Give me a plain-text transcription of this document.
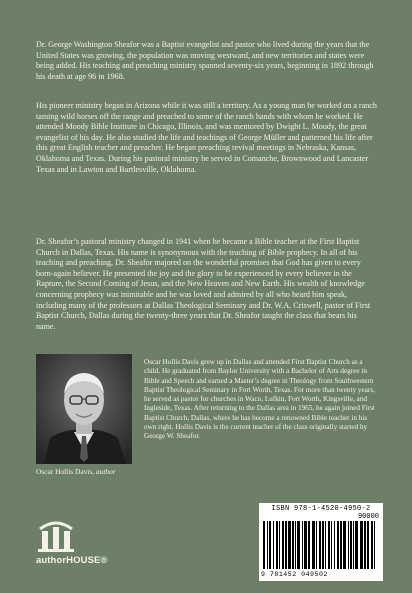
Dr. George Washington Sheafor was a Baptist evangelist and pastor who lived during the years that the United States was growing, the population was moving westward, and new territories and states were being added. His teaching and preaching ministry spanned seventy-six years, beginning in 1892 through his death at age 96 in 1968.

His pioneer ministry began in Arizona while it was still a territory. As a young man he worked on a ranch taming wild horses off the range and preached to some of the ranch hands with whom he worked. He attended Moody Bible Institute in Chicago, Illinois, and was mentored by Dwight L. Moody, the great evangelist of his day. He also studied the life and teachings of George Müller and patterned his life after this great English teacher and preacher. He began preaching revival meetings in Nebraska, Kansas, Oklahoma and Texas. During his pastoral ministry he served in Comanche, Brownwood and Lancaster Texas and in Lawton and Bartlesville, Oklahoma.

Dr. Sheafor’s pastoral ministry changed in 1941 when he became a Bible teacher at the First Baptist Church in Dallas, Texas. His name is synonymous with the teaching of Bible prophecy. In all of his teaching and preaching, Dr. Sheafor majored on the wonderful promises that God has given to every born-again believer. He presented the joy and the glory to be experienced by every believer in the Rapture, the Second Coming of Jesus, and the New Heaven and New Earth. His wealth of knowledge concerning prophecy was inimitable and he was loved and admired by all who heard him speak, including many of the professors at Dallas Theological Seminary and Dr. W.A. Criswell, pastor of First Baptist Church, Dallas during the twenty-three years that Dr. Sheafor taught the class that bears his name.

Oscar Hollis Davis, author

Oscar Hollis Davis grew up in Dallas and attended First Baptist Church as a child. He graduated from Baylor University with a Bachelor of Arts degree in Bible and Speech and earned a Master’s degree in Theology from Southwestern Baptist Theological Seminary in Fort Worth, Texas. For more than twenty years, he served as pastor for churches in Waco, Lufkin, Fort Worth, Kingsville, and Ingleside, Texas. After returning to the Dallas area in 1965, he again joined First Baptist Church, Dallas, where he has become a renowned Bible teacher in his own right. Hollis Davis is the current teacher of the class originally started by George W. Sheafor.

authorHOUSE®
ISBN 978-1-4520-4950-2
90000
9 781452 049502
